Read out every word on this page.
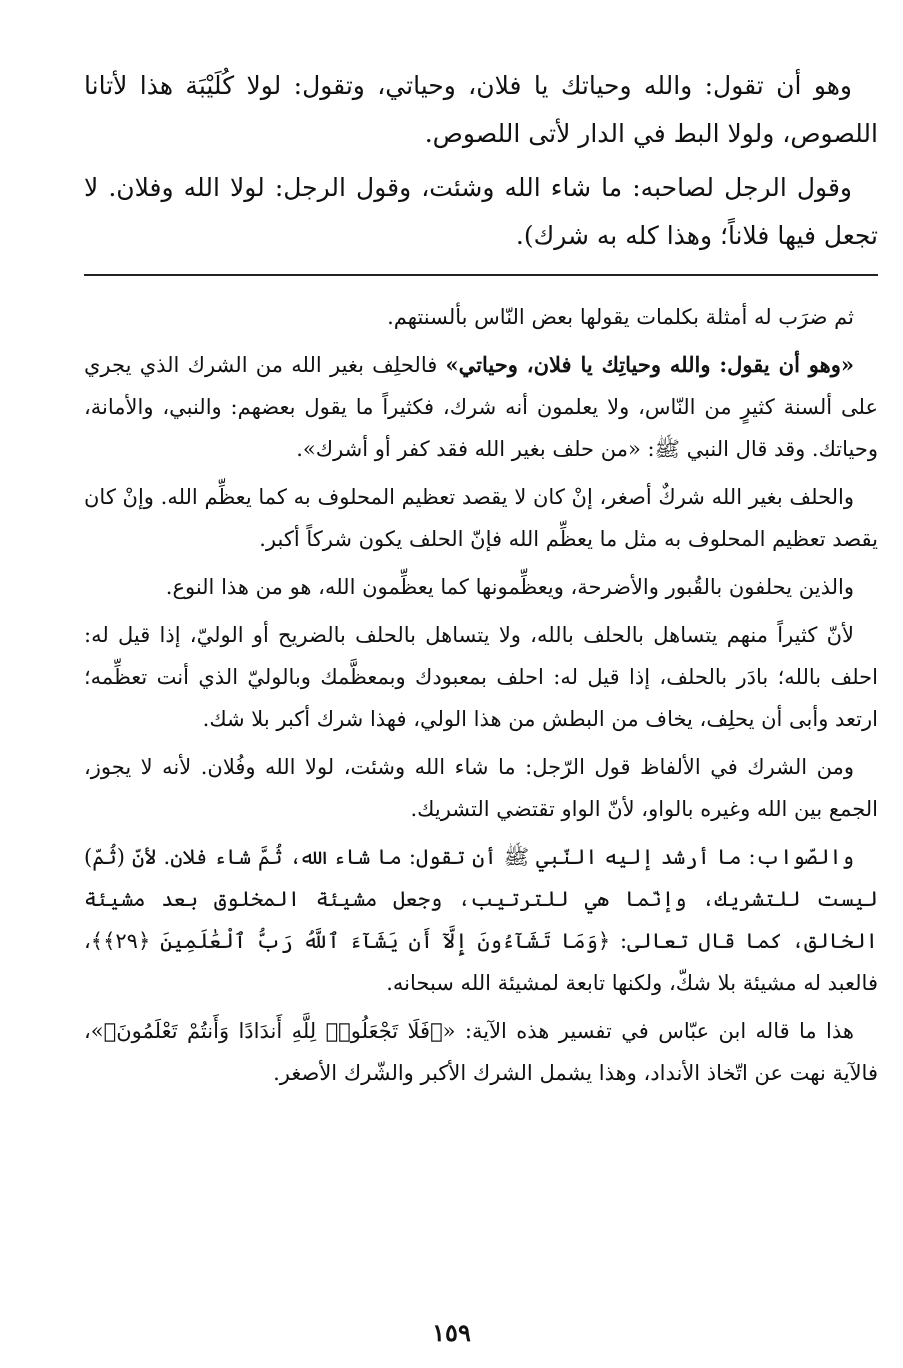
وهو أن تقول: والله وحياتك يا فلان، وحياتي، وتقول: لولا كُلَيْبَة هذا لأتانا اللصوص، ولولا البط في الدار لأتى اللصوص.

وقول الرجل لصاحبه: ما شاء الله وشئت، وقول الرجل: لولا الله وفلان. لا تجعل فيها فلاناً؛ وهذا كله به شرك).

ثم ضرَب له أمثلة بكلمات يقولها بعض النّاس بألسنتهم.

«وهو أن يقول: والله وحياتِك يا فلان، وحياتي» فالحلِف بغير الله من الشرك الذي يجري على ألسنة كثيرٍ من النّاس، ولا يعلمون أنه شرك، فكثيراً ما يقول بعضهم: والنبي، والأمانة، وحياتك. وقد قال النبي ﷺ: «من حلف بغير الله فقد كفر أو أشرك».

والحلف بغير الله شركٌ أصغر، إنْ كان لا يقصد تعظيم المحلوف به كما يعظِّم الله. وإنْ كان يقصد تعظيم المحلوف به مثل ما يعظِّم الله فإنّ الحلف يكون شركاً أكبر.

والذين يحلفون بالقُبور والأضرحة، ويعظِّمونها كما يعظِّمون الله، هو من هذا النوع.

لأنّ كثيراً منهم يتساهل بالحلف بالله، ولا يتساهل بالحلف بالضريح أو الوليّ، إذا قيل له: احلف بالله؛ بادَر بالحلف، إذا قيل له: احلف بمعبودك وبمعظَّمك وبالوليّ الذي أنت تعظِّمه؛ ارتعد وأبى أن يحلِف، يخاف من البطش من هذا الولي، فهذا شرك أكبر بلا شك.

ومن الشرك في الألفاظ قول الرّجل: ما شاء الله وشئت، لولا الله وفُلان. لأنه لا يجوز، الجمع بين الله وغيره بالواو، لأنّ الواو تقتضي التشريك.

والصّواب: ما أرشد إليه النّبي ﷺ أن تقول: ما شاء الله، ثُمَّ شاء فلان. لأنّ (ثُمّ) ليست للتشريك، وإنّما هي للترتيب، وجعل مشيئة المخلوق بعد مشيئة الخالق، كما قال تعالى: ﴿وَمَا تَشَآءُونَ إِلَّآ أَن يَشَآءَ ٱللَّهُ رَبُّ ٱلْعَٰلَمِينَ ﴿٢٩﴾﴾، فالعبد له مشيئة بلا شكّ، ولكنها تابعة لمشيئة الله سبحانه.

هذا ما قاله ابن عبّاس في تفسير هذه الآية: «﴿فَلَا تَجْعَلُوا۟ لِلَّهِ أَندَادًا وَأَنتُمْ تَعْلَمُونَ﴾»، فالآية نهت عن اتّخاذ الأنداد، وهذا يشمل الشرك الأكبر والشّرك الأصغر.

١٥٩
